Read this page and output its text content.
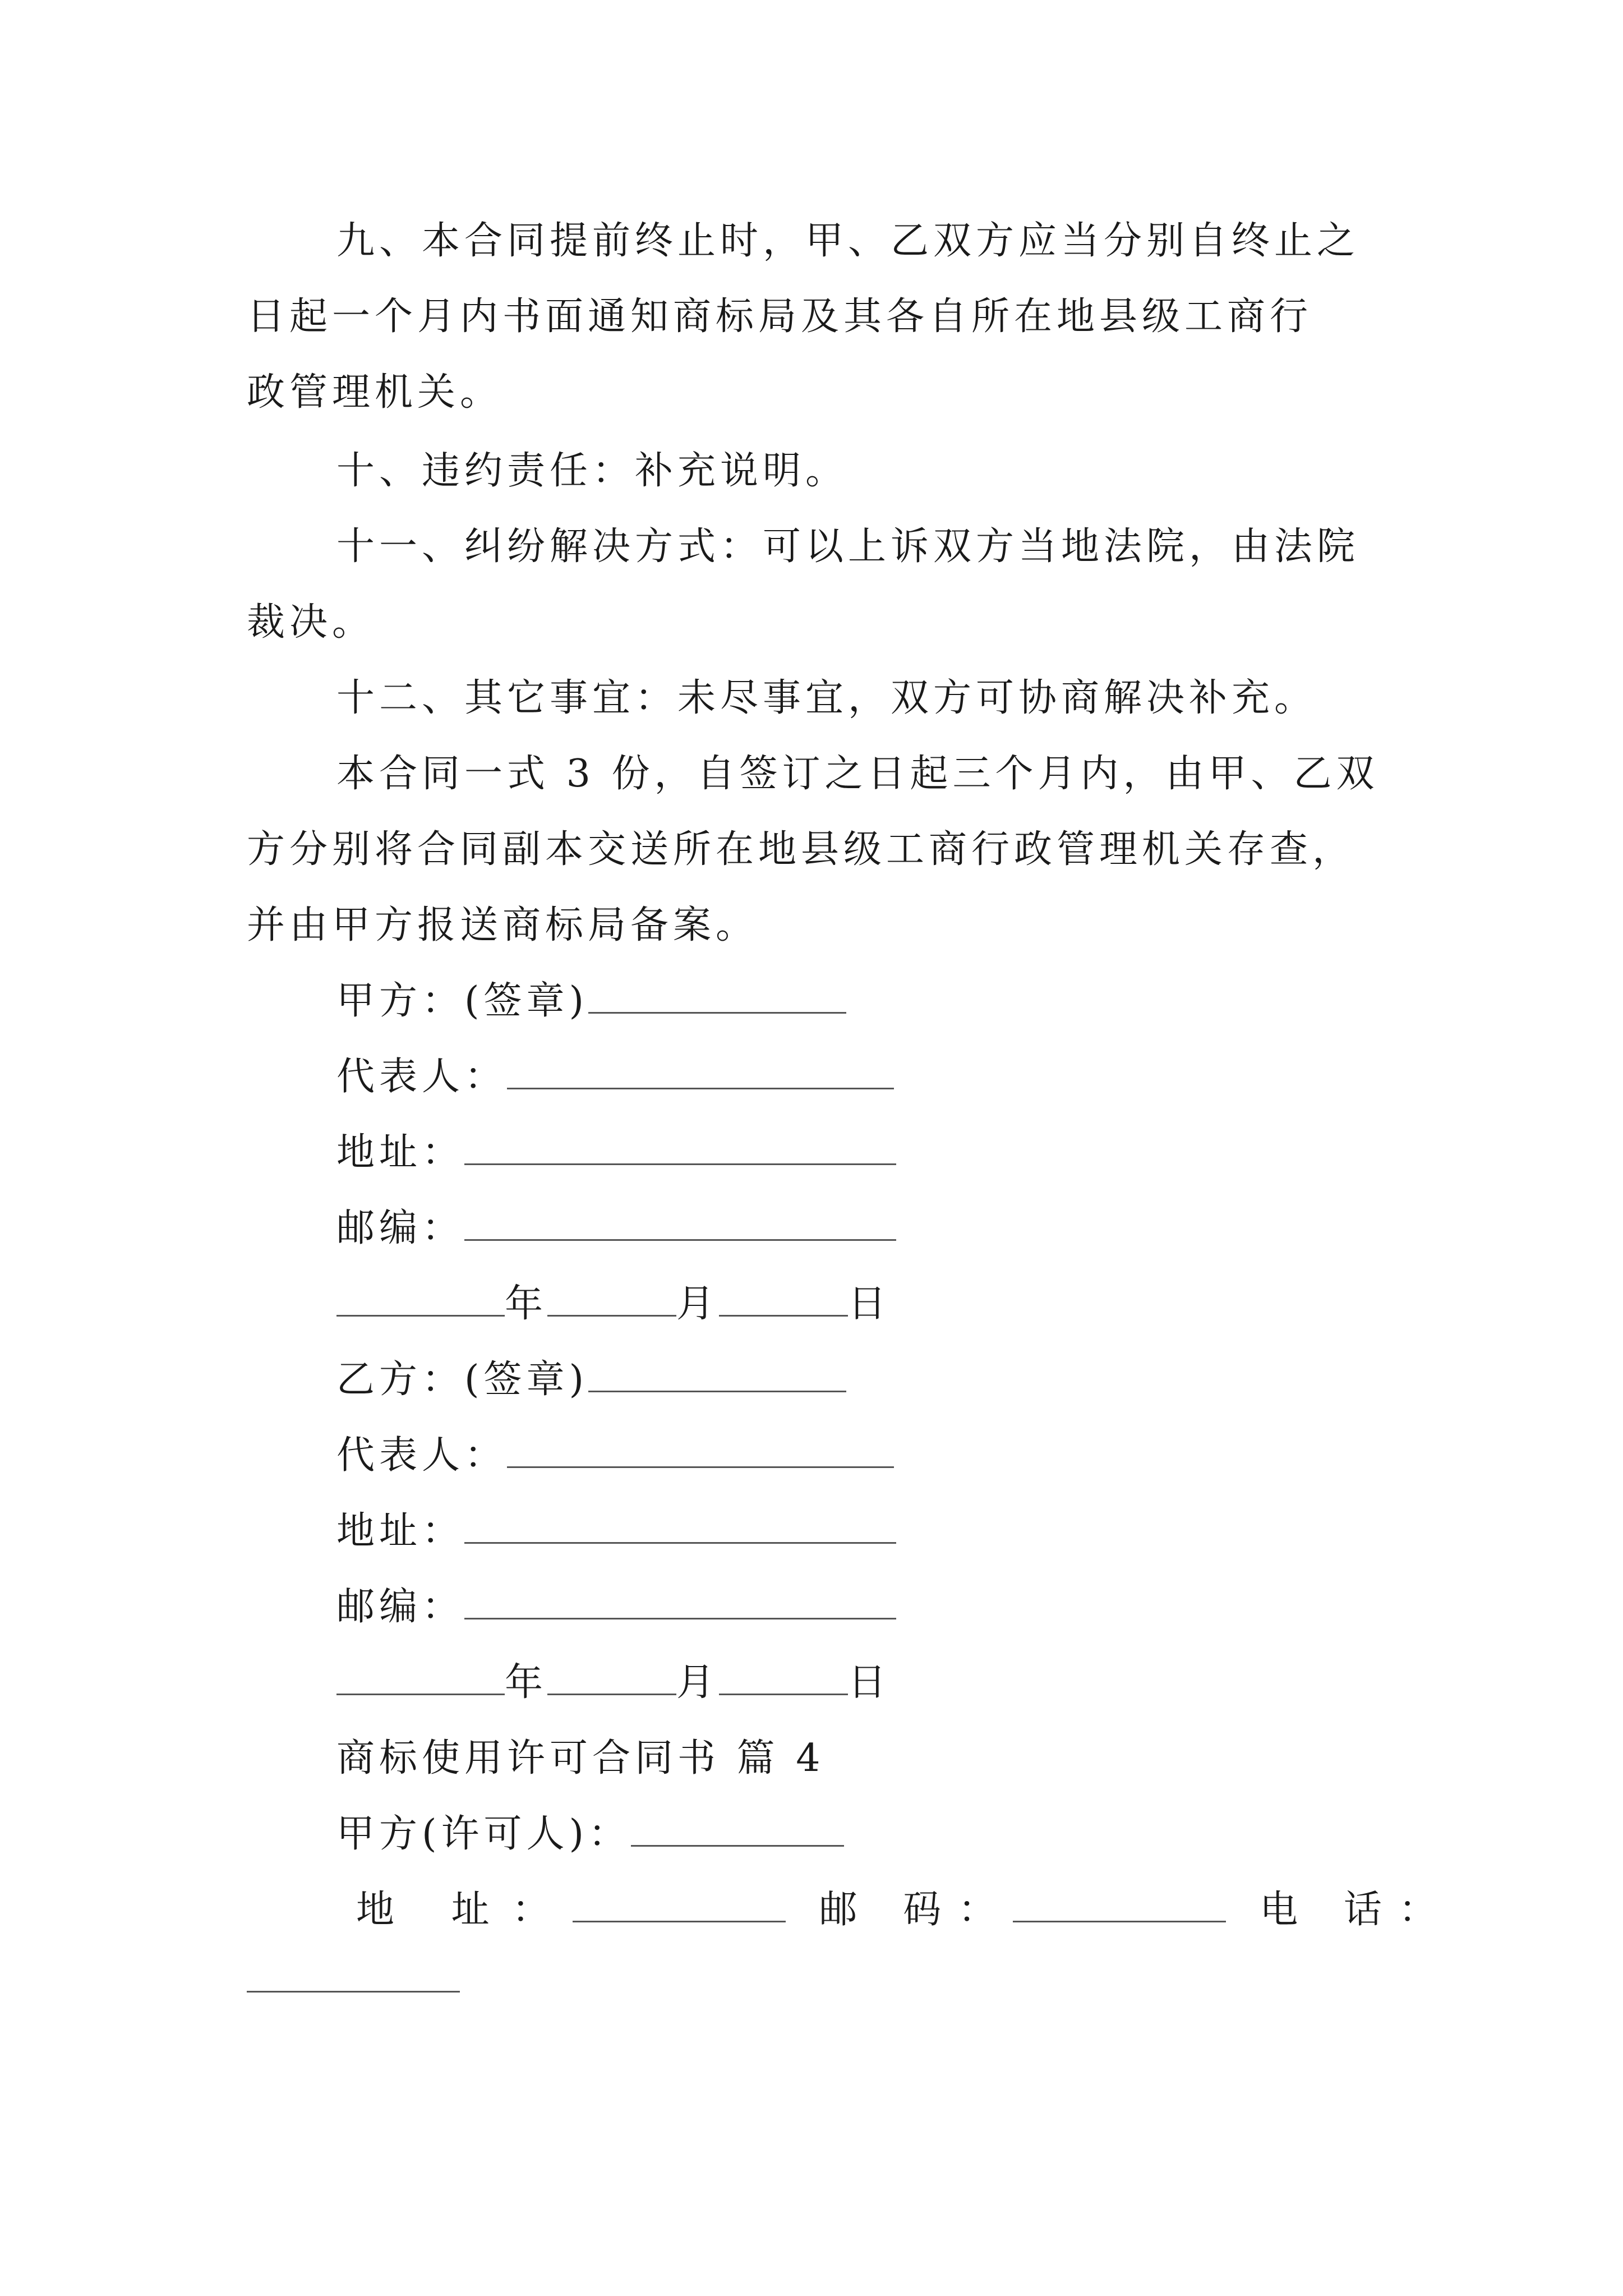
九、本合同提前终止时，甲、乙双方应当分别自终止之
日起一个月内书面通知商标局及其各自所在地县级工商行
政管理机关。
十、违约责任：补充说明。
十一、纠纷解决方式：可以上诉双方当地法院，由法院
裁决。
十二、其它事宜：未尽事宜，双方可协商解决补充。
本合同一式 3 份，自签订之日起三个月内，由甲、乙双
方分别将合同副本交送所在地县级工商行政管理机关存查，
并由甲方报送商标局备案。
甲方：(签章)
代表人：
地址：
邮编：
年	月	日
乙方：(签章)
代表人：
地址：
邮编：
年	月	日
商标使用许可合同书 篇 4
甲方(许可人)：
地 址：	邮 码：	电 话：
